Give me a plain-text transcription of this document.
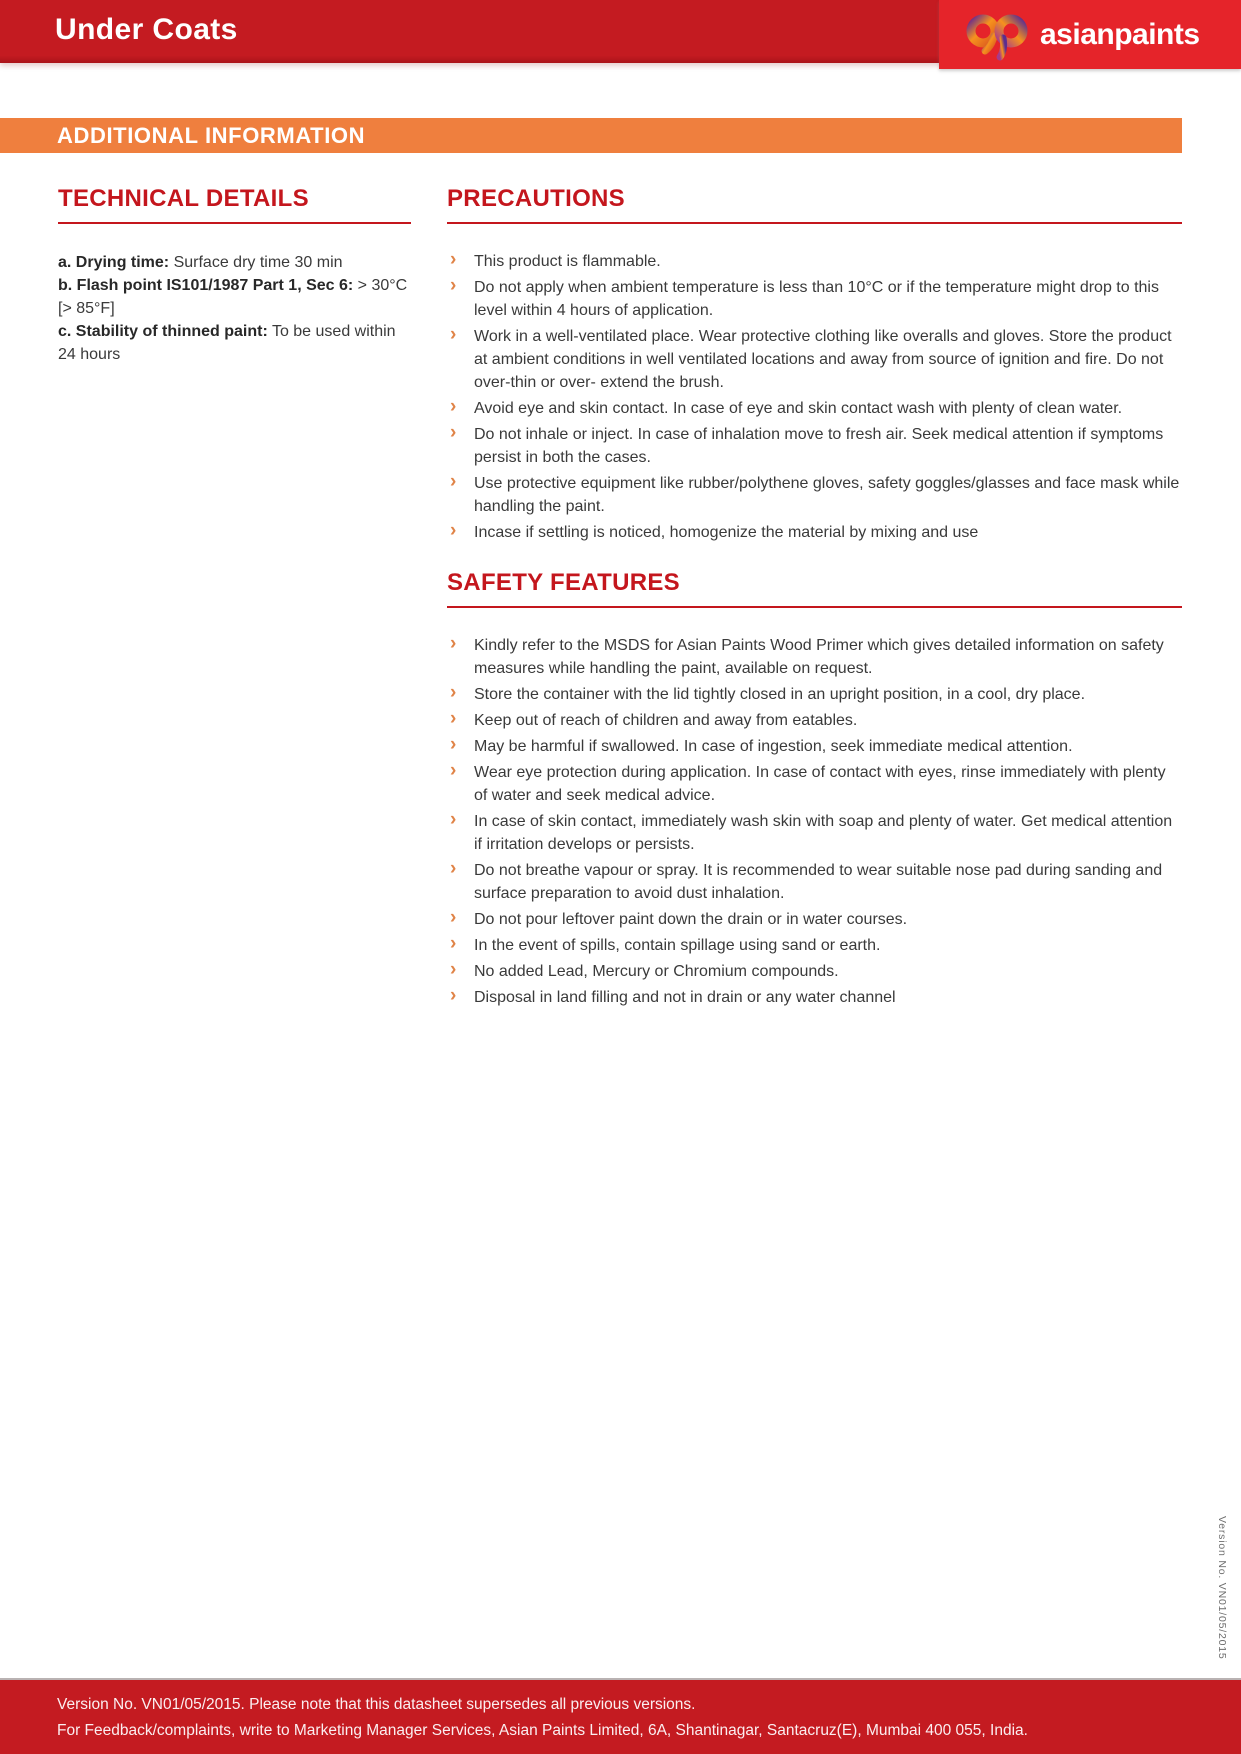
Under Coats	asianpaints
ADDITIONAL INFORMATION
TECHNICAL DETAILS
a. Drying time: Surface dry time 30 min
b. Flash point IS101/1987 Part 1, Sec 6: > 30°C [> 85°F]
c. Stability of thinned paint: To be used within 24 hours
PRECAUTIONS
› This product is flammable.
› Do not apply when ambient temperature is less than 10°C or if the temperature might drop to this level within 4 hours of application.
› Work in a well-ventilated place. Wear protective clothing like overalls and gloves. Store the product at ambient conditions in well ventilated locations and away from source of ignition and fire. Do not over-thin or over- extend the brush.
› Avoid eye and skin contact. In case of eye and skin contact wash with plenty of clean water.
› Do not inhale or inject. In case of inhalation move to fresh air. Seek medical attention if symptoms persist in both the cases.
› Use protective equipment like rubber/polythene gloves, safety goggles/glasses and face mask while handling the paint.
› Incase if settling is noticed, homogenize the material by mixing and use
SAFETY FEATURES
› Kindly refer to the MSDS for Asian Paints Wood Primer which gives detailed information on safety measures while handling the paint, available on request.
› Store the container with the lid tightly closed in an upright position, in a cool, dry place.
› Keep out of reach of children and away from eatables.
› May be harmful if swallowed. In case of ingestion, seek immediate medical attention.
› Wear eye protection during application. In case of contact with eyes, rinse immediately with plenty of water and seek medical advice.
› In case of skin contact, immediately wash skin with soap and plenty of water. Get medical attention if irritation develops or persists.
› Do not breathe vapour or spray. It is recommended to wear suitable nose pad during sanding and surface preparation to avoid dust inhalation.
› Do not pour leftover paint down the drain or in water courses.
› In the event of spills, contain spillage using sand or earth.
› No added Lead, Mercury or Chromium compounds.
› Disposal in land filling and not in drain or any water channel
Version No. VN01/05/2015
Version No. VN01/05/2015. Please note that this datasheet supersedes all previous versions.
For Feedback/complaints, write to Marketing Manager Services, Asian Paints Limited, 6A, Shantinagar, Santacruz(E), Mumbai 400 055, India.
